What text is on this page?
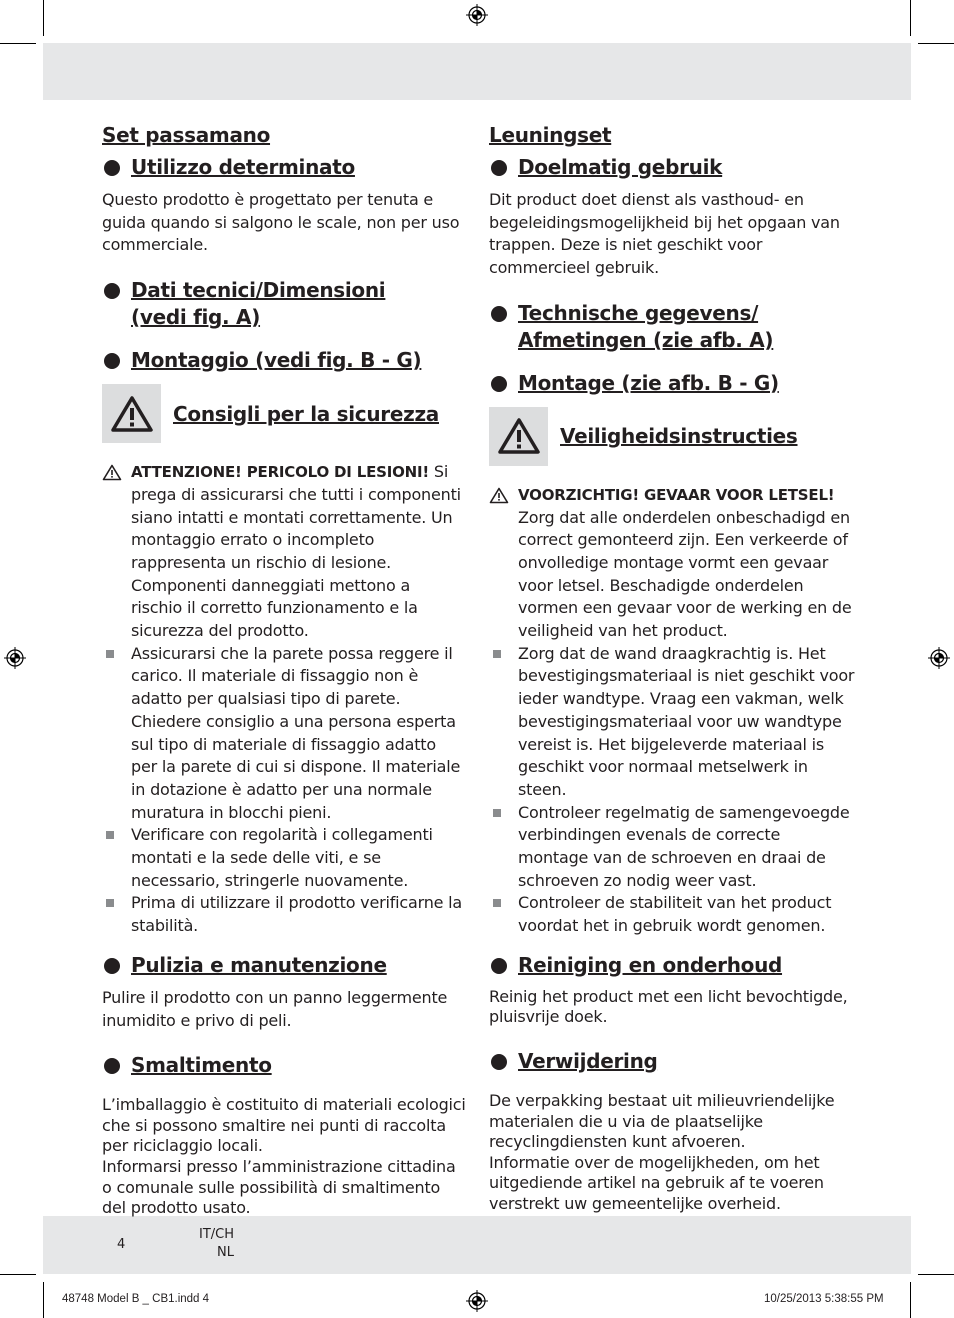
Set passamano
Utilizzo determinato
Questo prodotto è progettato per tenuta e guida quando si salgono le scale, non per uso commerciale.
Dati tecnici/Dimensioni
(vedi fig. A)
Montaggio (vedi fig. B - G)
Consigli per la sicurezza
ATTENZIONE! PERICOLO DI LESIONI! Si prega di assicurarsi che tutti i componenti siano intatti e montati correttamente. Un montaggio errato o incompleto rappresenta un rischio di lesione. Componenti danneggiati mettono a rischio il corretto funzionamento e la sicurezza del prodotto.
Assicurarsi che la parete possa reggere il carico. Il materiale di fissaggio non è adatto per qualsiasi tipo di parete. Chiedere consiglio a una persona esperta sul tipo di materiale di fissaggio adatto per la parete di cui si dispone. Il materiale in dotazione è adatto per una normale muratura in blocchi pieni.
Verificare con regolarità i collegamenti montati e la sede delle viti, e se necessario, stringerle nuovamente.
Prima di utilizzare il prodotto verificarne la stabilità.
Pulizia e manutenzione
Pulire il prodotto con un panno leggermente inumidito e privo di peli.
Smaltimento
L’imballaggio è costituito di materiali ecologici che si possono smaltire nei punti di raccolta per riciclaggio locali.
Informarsi presso l’amministrazione cittadina o comunale sulle possibilità di smaltimento del prodotto usato.
Leuningset
Doelmatig gebruik
Dit product doet dienst als vasthoud- en begeleidingsmogelijkheid bij het opgaan van trappen. Deze is niet geschikt voor commercieel gebruik.
Technische gegevens/
Afmetingen (zie afb. A)
Montage (zie afb. B - G)
Veiligheidsinstructies
VOORZICHTIG! GEVAAR VOOR LETSEL!
Zorg dat alle onderdelen onbeschadigd en correct gemonteerd zijn. Een verkeerde of onvolledige montage vormt een gevaar voor letsel. Beschadigde onderdelen vormen een gevaar voor de werking en de veiligheid van het product.
Zorg dat de wand draagkrachtig is. Het bevestigingsmateriaal is niet geschikt voor ieder wandtype. Vraag een vakman, welk bevestigingsmateriaal voor uw wandtype vereist is. Het bijgeleverde materiaal is geschikt voor normaal metselwerk in steen.
Controleer regelmatig de samengevoegde verbindingen evenals de correcte montage van de schroeven en draai de schroeven zo nodig weer vast.
Controleer de stabiliteit van het product voordat het in gebruik wordt genomen.
Reiniging en onderhoud
Reinig het product met een licht bevochtigde, pluisvrije doek.
Verwijdering
De verpakking bestaat uit milieuvriendelijke materialen die u via de plaatselijke recyclingdiensten kunt afvoeren.
Informatie over de mogelijkheden, om het uitgediende artikel na gebruik af te voeren verstrekt uw gemeentelijke overheid.
4
IT/CH
NL
48748 Model B _ CB1.indd 4	10/25/2013 5:38:55 PM
